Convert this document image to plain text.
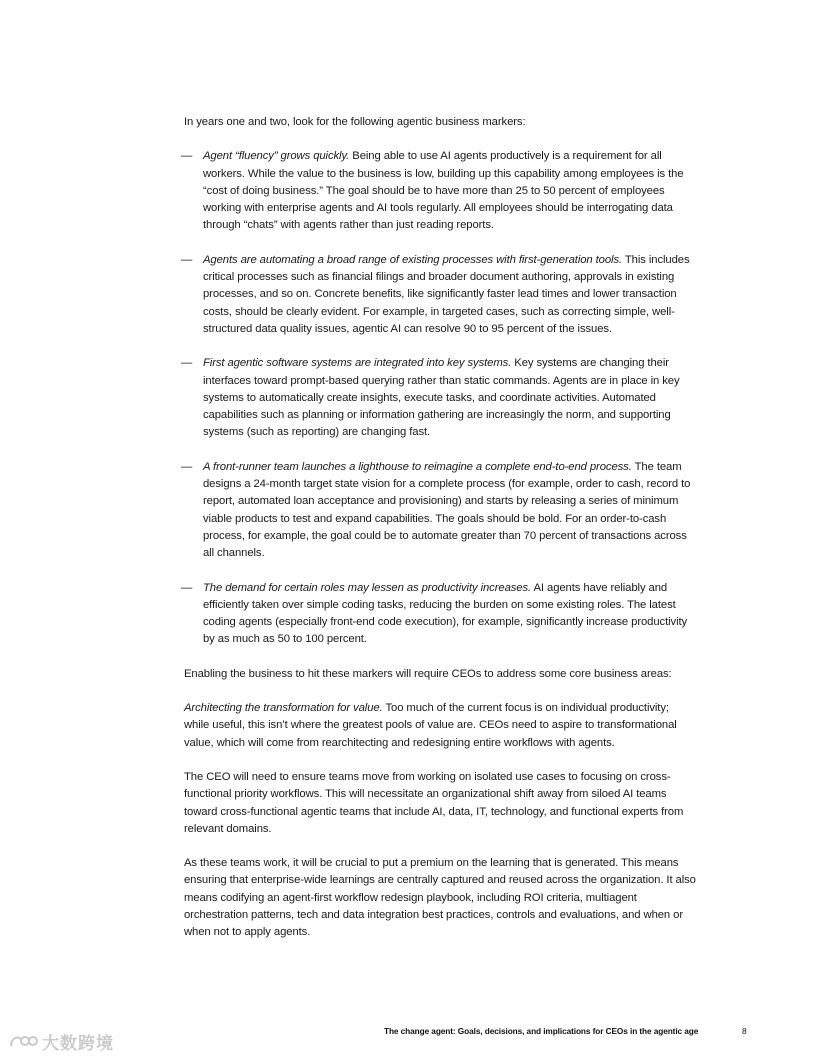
In years one and two, look for the following agentic business markers:

— Agent “fluency” grows quickly. Being able to use AI agents productively is a requirement for all workers. While the value to the business is low, building up this capability among employees is the “cost of doing business.” The goal should be to have more than 25 to 50 percent of employees working with enterprise agents and AI tools regularly. All employees should be interrogating data through “chats” with agents rather than just reading reports.
— Agents are automating a broad range of existing processes with first-generation tools. This includes critical processes such as financial filings and broader document authoring, approvals in existing processes, and so on. Concrete benefits, like significantly faster lead times and lower transaction costs, should be clearly evident. For example, in targeted cases, such as correcting simple, well-structured data quality issues, agentic AI can resolve 90 to 95 percent of the issues.
— First agentic software systems are integrated into key systems. Key systems are changing their interfaces toward prompt-based querying rather than static commands. Agents are in place in key systems to automatically create insights, execute tasks, and coordinate activities. Automated capabilities such as planning or information gathering are increasingly the norm, and supporting systems (such as reporting) are changing fast.
— A front-runner team launches a lighthouse to reimagine a complete end-to-end process. The team designs a 24-month target state vision for a complete process (for example, order to cash, record to report, automated loan acceptance and provisioning) and starts by releasing a series of minimum viable products to test and expand capabilities. The goals should be bold. For an order-to-cash process, for example, the goal could be to automate greater than 70 percent of transactions across all channels.
— The demand for certain roles may lessen as productivity increases. AI agents have reliably and efficiently taken over simple coding tasks, reducing the burden on some existing roles. The latest coding agents (especially front-end code execution), for example, significantly increase productivity by as much as 50 to 100 percent.

Enabling the business to hit these markers will require CEOs to address some core business areas:

Architecting the transformation for value. Too much of the current focus is on individual productivity; while useful, this isn’t where the greatest pools of value are. CEOs need to aspire to transformational value, which will come from rearchitecting and redesigning entire workflows with agents.

The CEO will need to ensure teams move from working on isolated use cases to focusing on cross-functional priority workflows. This will necessitate an organizational shift away from siloed AI teams toward cross-functional agentic teams that include AI, data, IT, technology, and functional experts from relevant domains.

As these teams work, it will be crucial to put a premium on the learning that is generated. This means ensuring that enterprise-wide learnings are centrally captured and reused across the organization. It also means codifying an agent-first workflow redesign playbook, including ROI criteria, multiagent orchestration patterns, tech and data integration best practices, controls and evaluations, and when or when not to apply agents.

大数跨境
The change agent: Goals, decisions, and implications for CEOs in the agentic age	8
